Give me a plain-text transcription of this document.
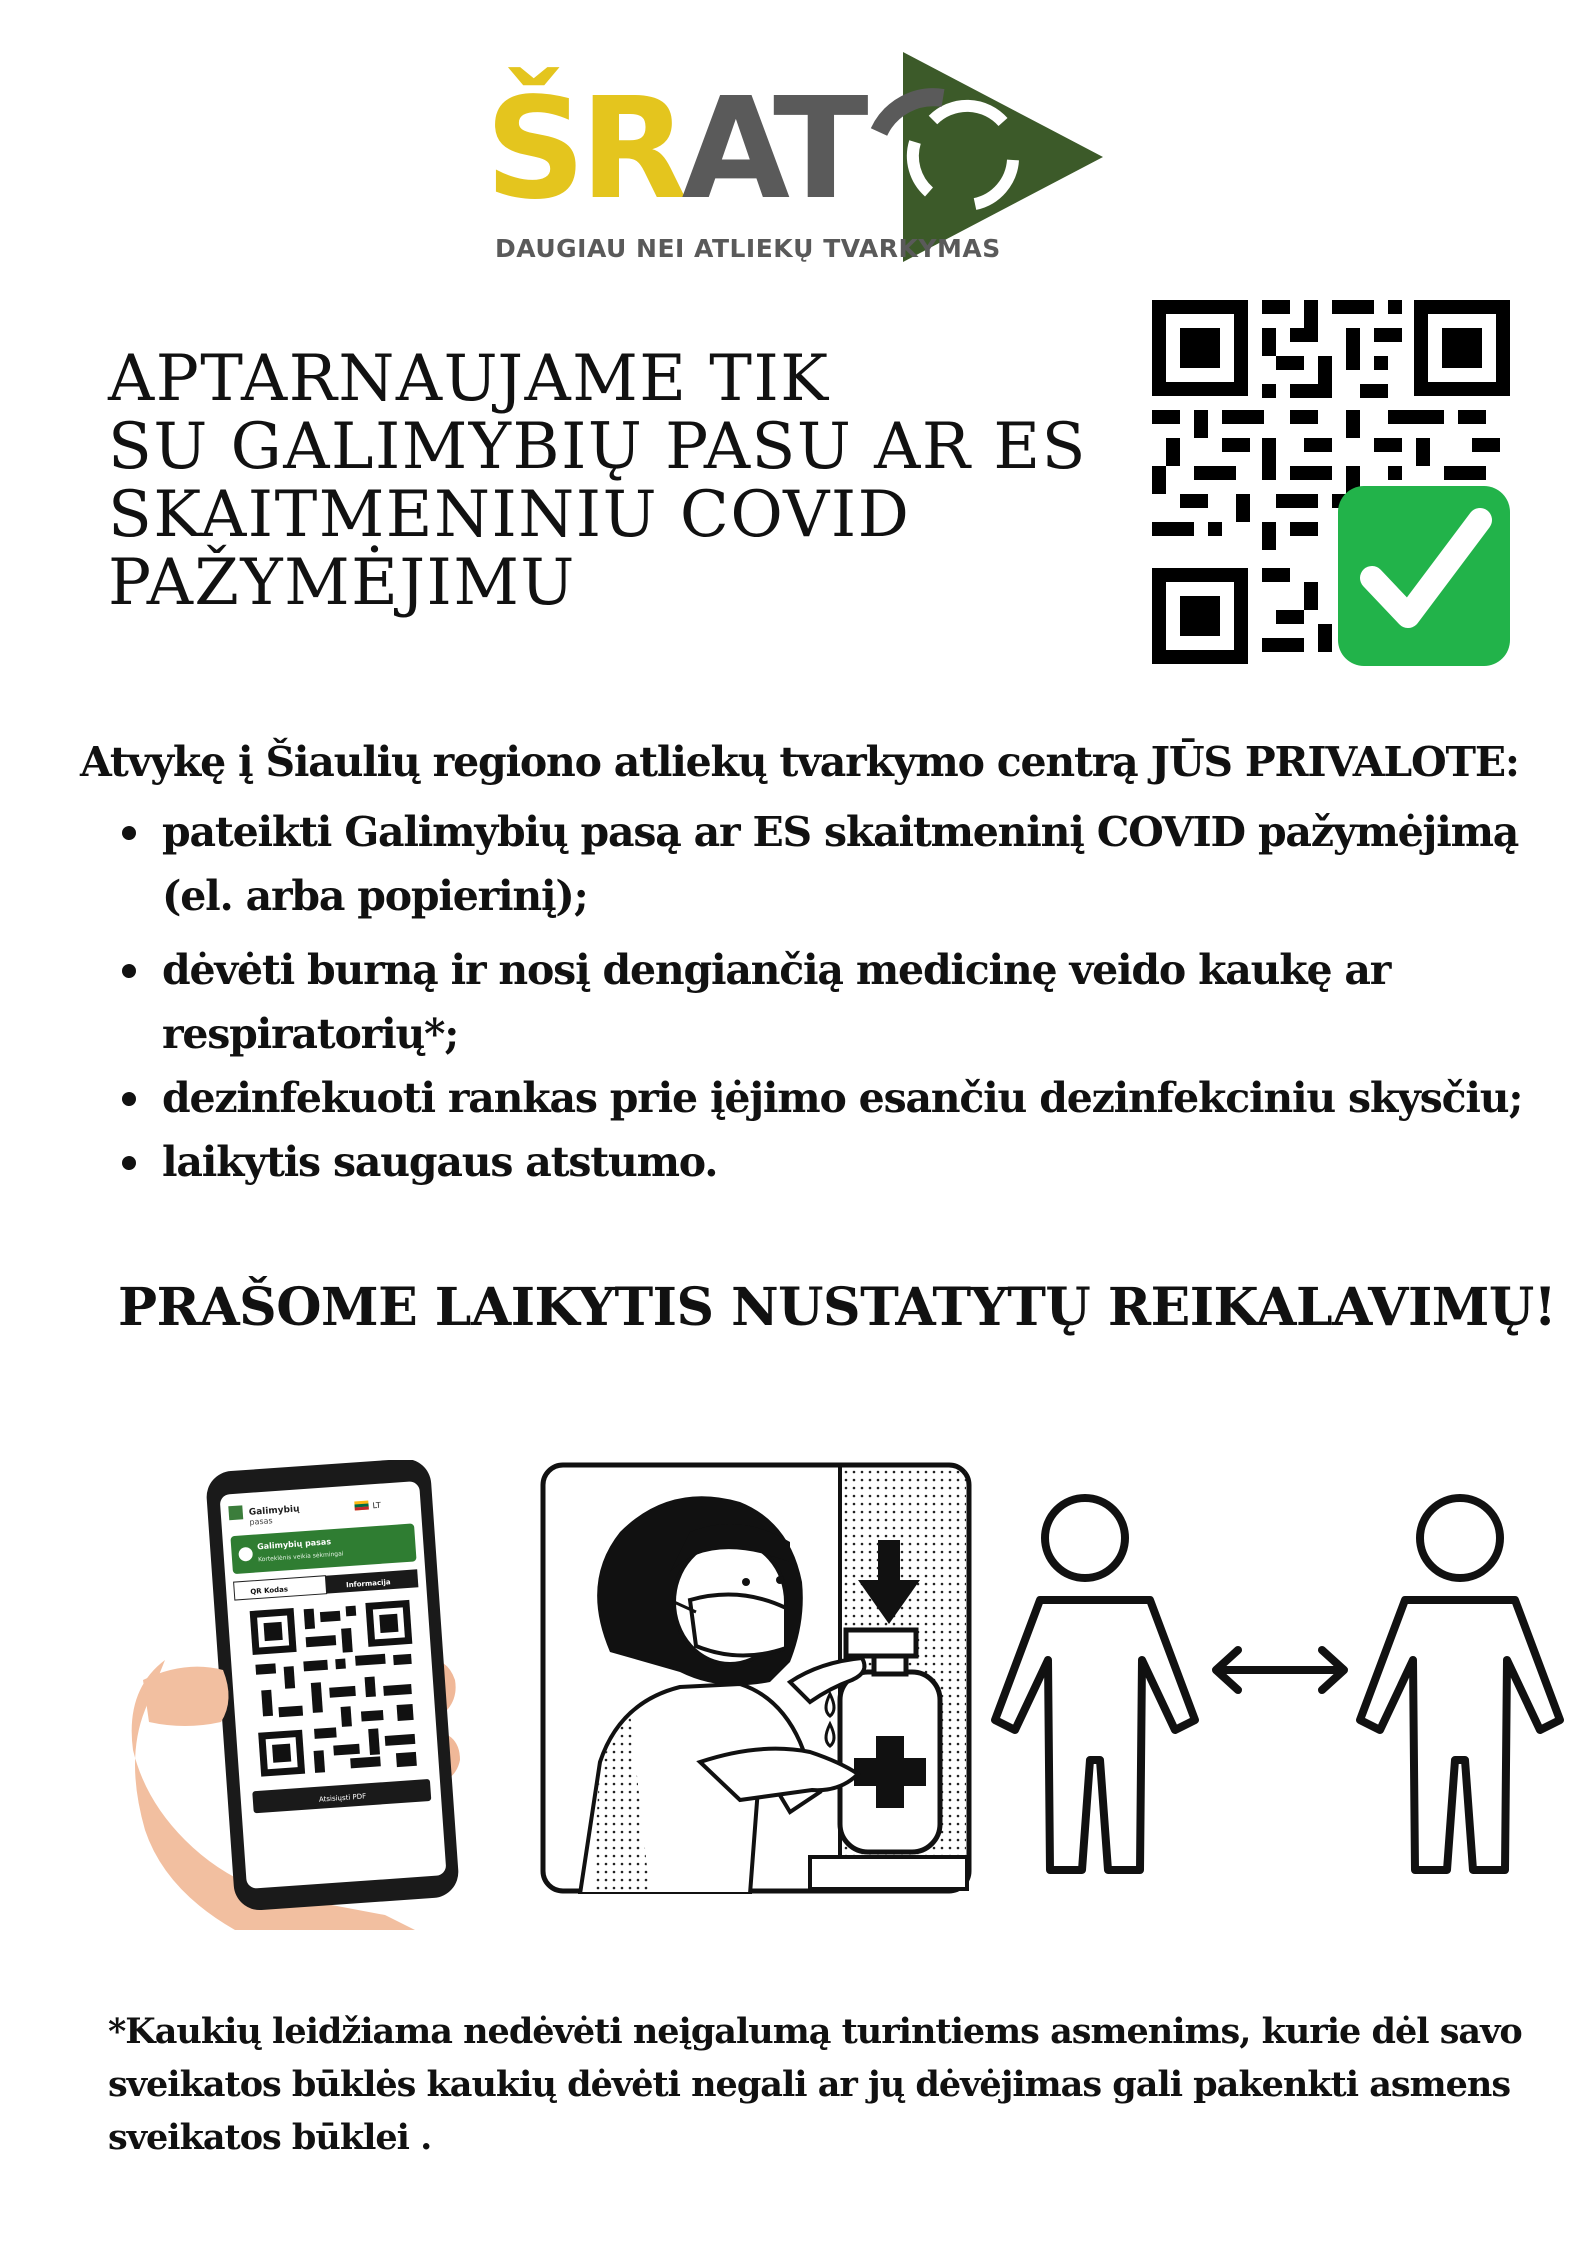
ŠR AT
DAUGIAU NEI ATLIEKŲ TVARKYMAS
APTARNAUJAME TIK
SU GALIMYBIŲ PASU AR ES
SKAITMENINIU COVID
PAŽYMĖJIMU
Atvykę į Šiaulių regiono atliekų tvarkymo centrą JŪS PRIVALOTE:
pateikti Galimybių pasą ar ES skaitmeninį COVID pažymėjimą (el. arba popierinį);
dėvėti burną ir nosį dengiančią medicinę veido kaukę ar respiratorių*;
dezinfekuoti rankas prie įėjimo esančiu dezinfekciniu skysčiu;
laikytis saugaus atstumo.
PRAŠOME LAIKYTIS NUSTATYTŲ REIKALAVIMŲ!
Galimybių
pasas
LT
Galimybių pasas
Korteklėnis veikia sėkmingai
QR Kodas
Informacija
Atsisiųsti PDF
*Kaukių leidžiama nedėvėti neįgalumą turintiems asmenims, kurie dėl savo sveikatos būklės kaukių dėvėti negali ar jų dėvėjimas gali pakenkti asmens sveikatos būklei .
